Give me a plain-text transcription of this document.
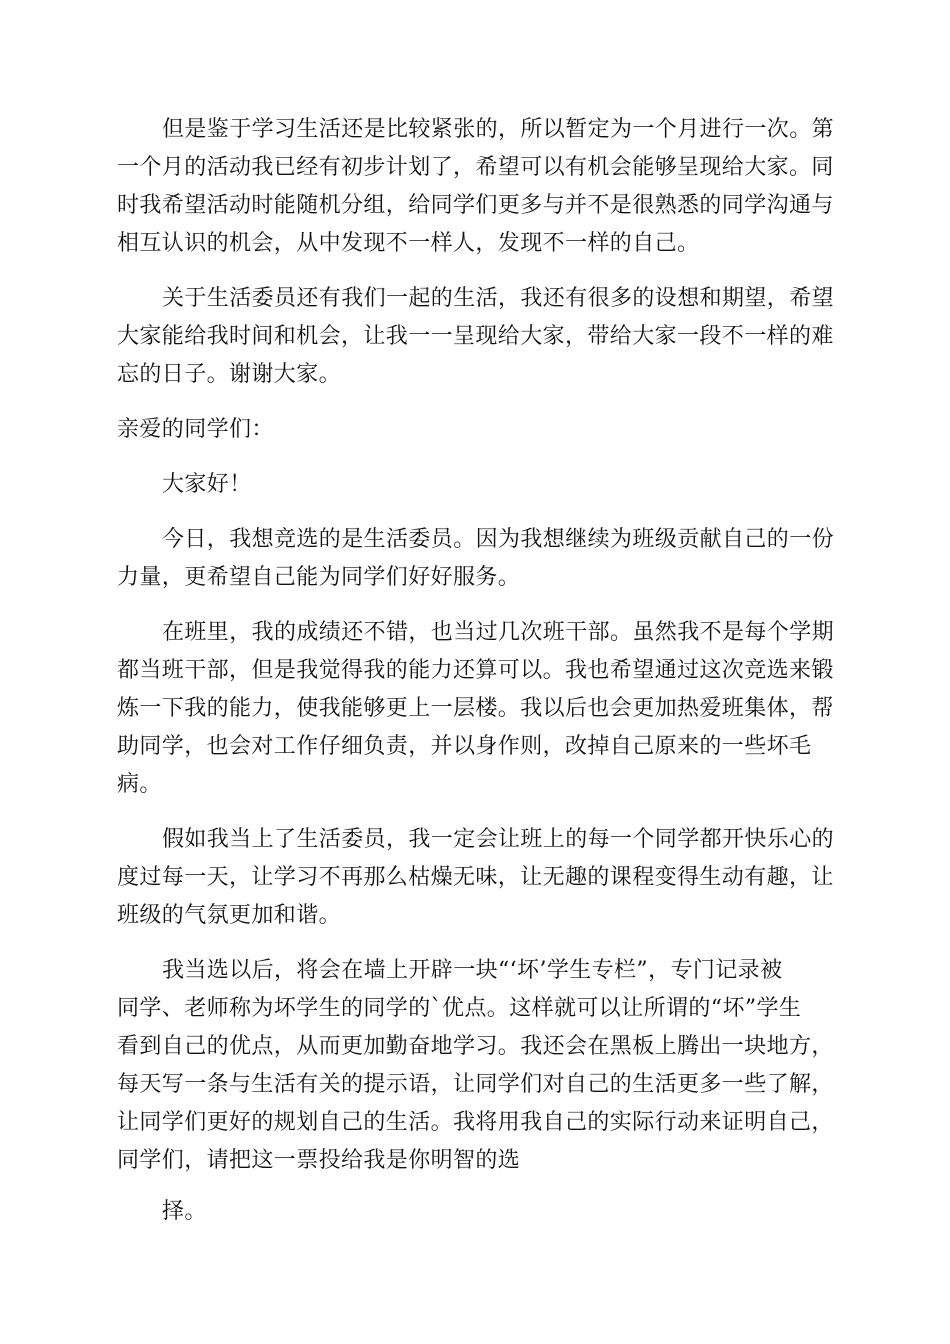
但是鉴于学习生活还是比较紧张的，所以暂定为一个月进行一次。第

一个月的活动我已经有初步计划了，希望可以有机会能够呈现给大家。同

时我希望活动时能随机分组，给同学们更多与并不是很熟悉的同学沟通与

相互认识的机会，从中发现不一样人，发现不一样的自己。

关于生活委员还有我们一起的生活，我还有很多的设想和期望，希望

大家能给我时间和机会，让我一一呈现给大家，带给大家一段不一样的难

忘的日子。谢谢大家。

亲爱的同学们：

大家好！

今日，我想竞选的是生活委员。因为我想继续为班级贡献自己的一份

力量，更希望自己能为同学们好好服务。

在班里，我的成绩还不错，也当过几次班干部。虽然我不是每个学期

都当班干部，但是我觉得我的能力还算可以。我也希望通过这次竞选来锻

炼一下我的能力，使我能够更上一层楼。我以后也会更加热爱班集体，帮

助同学，也会对工作仔细负责，并以身作则，改掉自己原来的一些坏毛

病。

假如我当上了生活委员，我一定会让班上的每一个同学都开快乐心的

度过每一天，让学习不再那么枯燥无味，让无趣的课程变得生动有趣，让

班级的气氛更加和谐。

我当选以后，将会在墙上开辟一块“‘坏’学生专栏”，专门记录被

同学、老师称为坏学生的同学的`优点。这样就可以让所谓的“坏”学生

看到自己的优点，从而更加勤奋地学习。我还会在黑板上腾出一块地方，

每天写一条与生活有关的提示语，让同学们对自己的生活更多一些了解，

让同学们更好的规划自己的生活。我将用我自己的实际行动来证明自己，

同学们，请把这一票投给我是你明智的选

择。
